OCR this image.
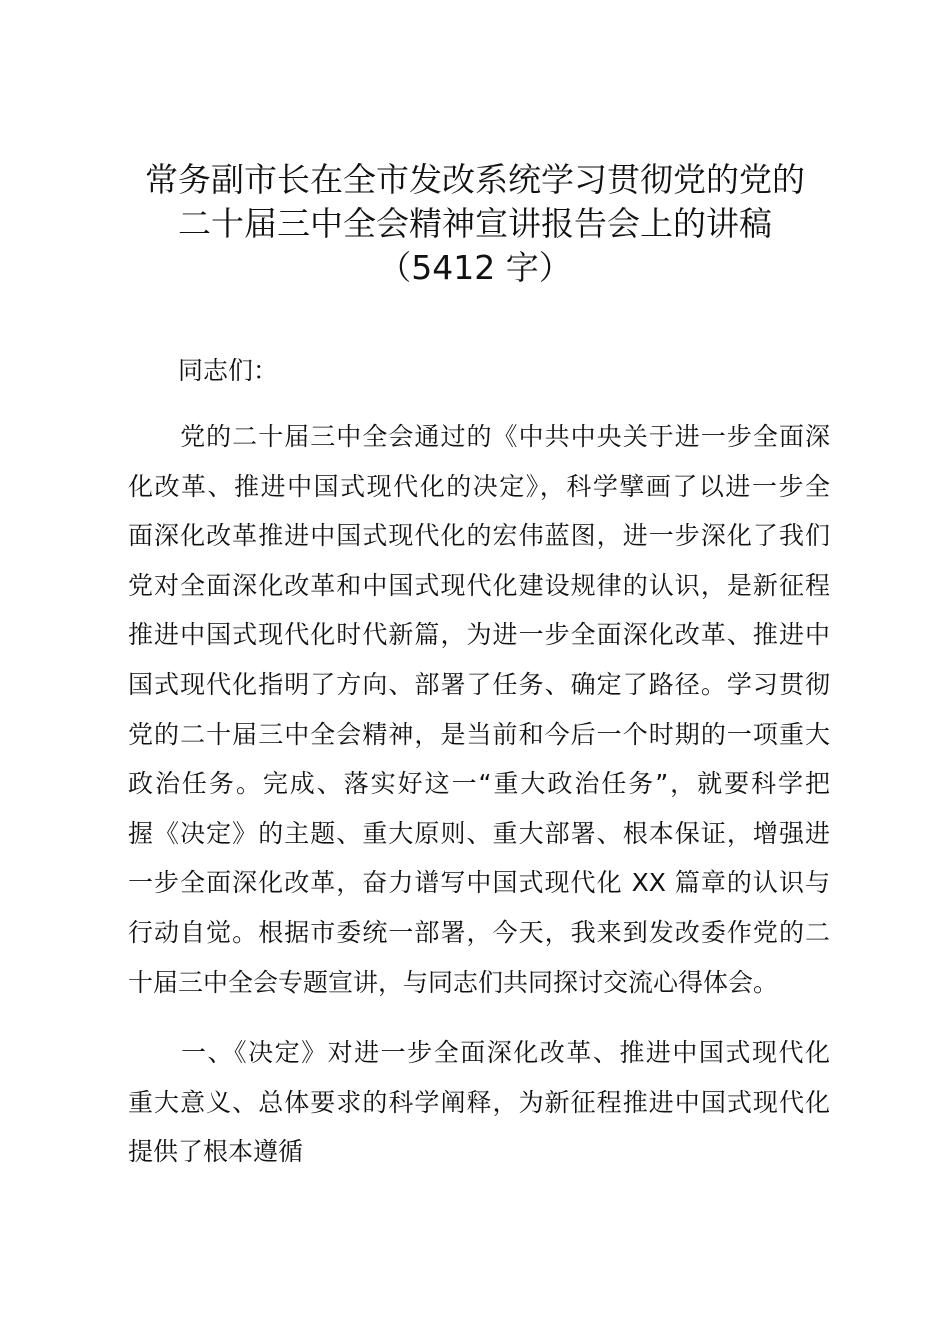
常务副市长在全市发改系统学习贯彻党的党的
二十届三中全会精神宣讲报告会上的讲稿
（5412 字）
同志们：
　　党的二十届三中全会通过的《中共中央关于进一步全面深
化改革、推进中国式现代化的决定》，科学擘画了以进一步全
面深化改革推进中国式现代化的宏伟蓝图，进一步深化了我们
党对全面深化改革和中国式现代化建设规律的认识，是新征程
推进中国式现代化时代新篇，为进一步全面深化改革、推进中
国式现代化指明了方向、部署了任务、确定了路径。学习贯彻
党的二十届三中全会精神，是当前和今后一个时期的一项重大
政治任务。完成、落实好这一“重大政治任务”，就要科学把
握《决定》的主题、重大原则、重大部署、根本保证，增强进
一步全面深化改革，奋力谱写中国式现代化 XX 篇章的认识与
行动自觉。根据市委统一部署，今天，我来到发改委作党的二
十届三中全会专题宣讲，与同志们共同探讨交流心得体会。
　　一、《决定》对进一步全面深化改革、推进中国式现代化
重大意义、总体要求的科学阐释，为新征程推进中国式现代化
提供了根本遵循
